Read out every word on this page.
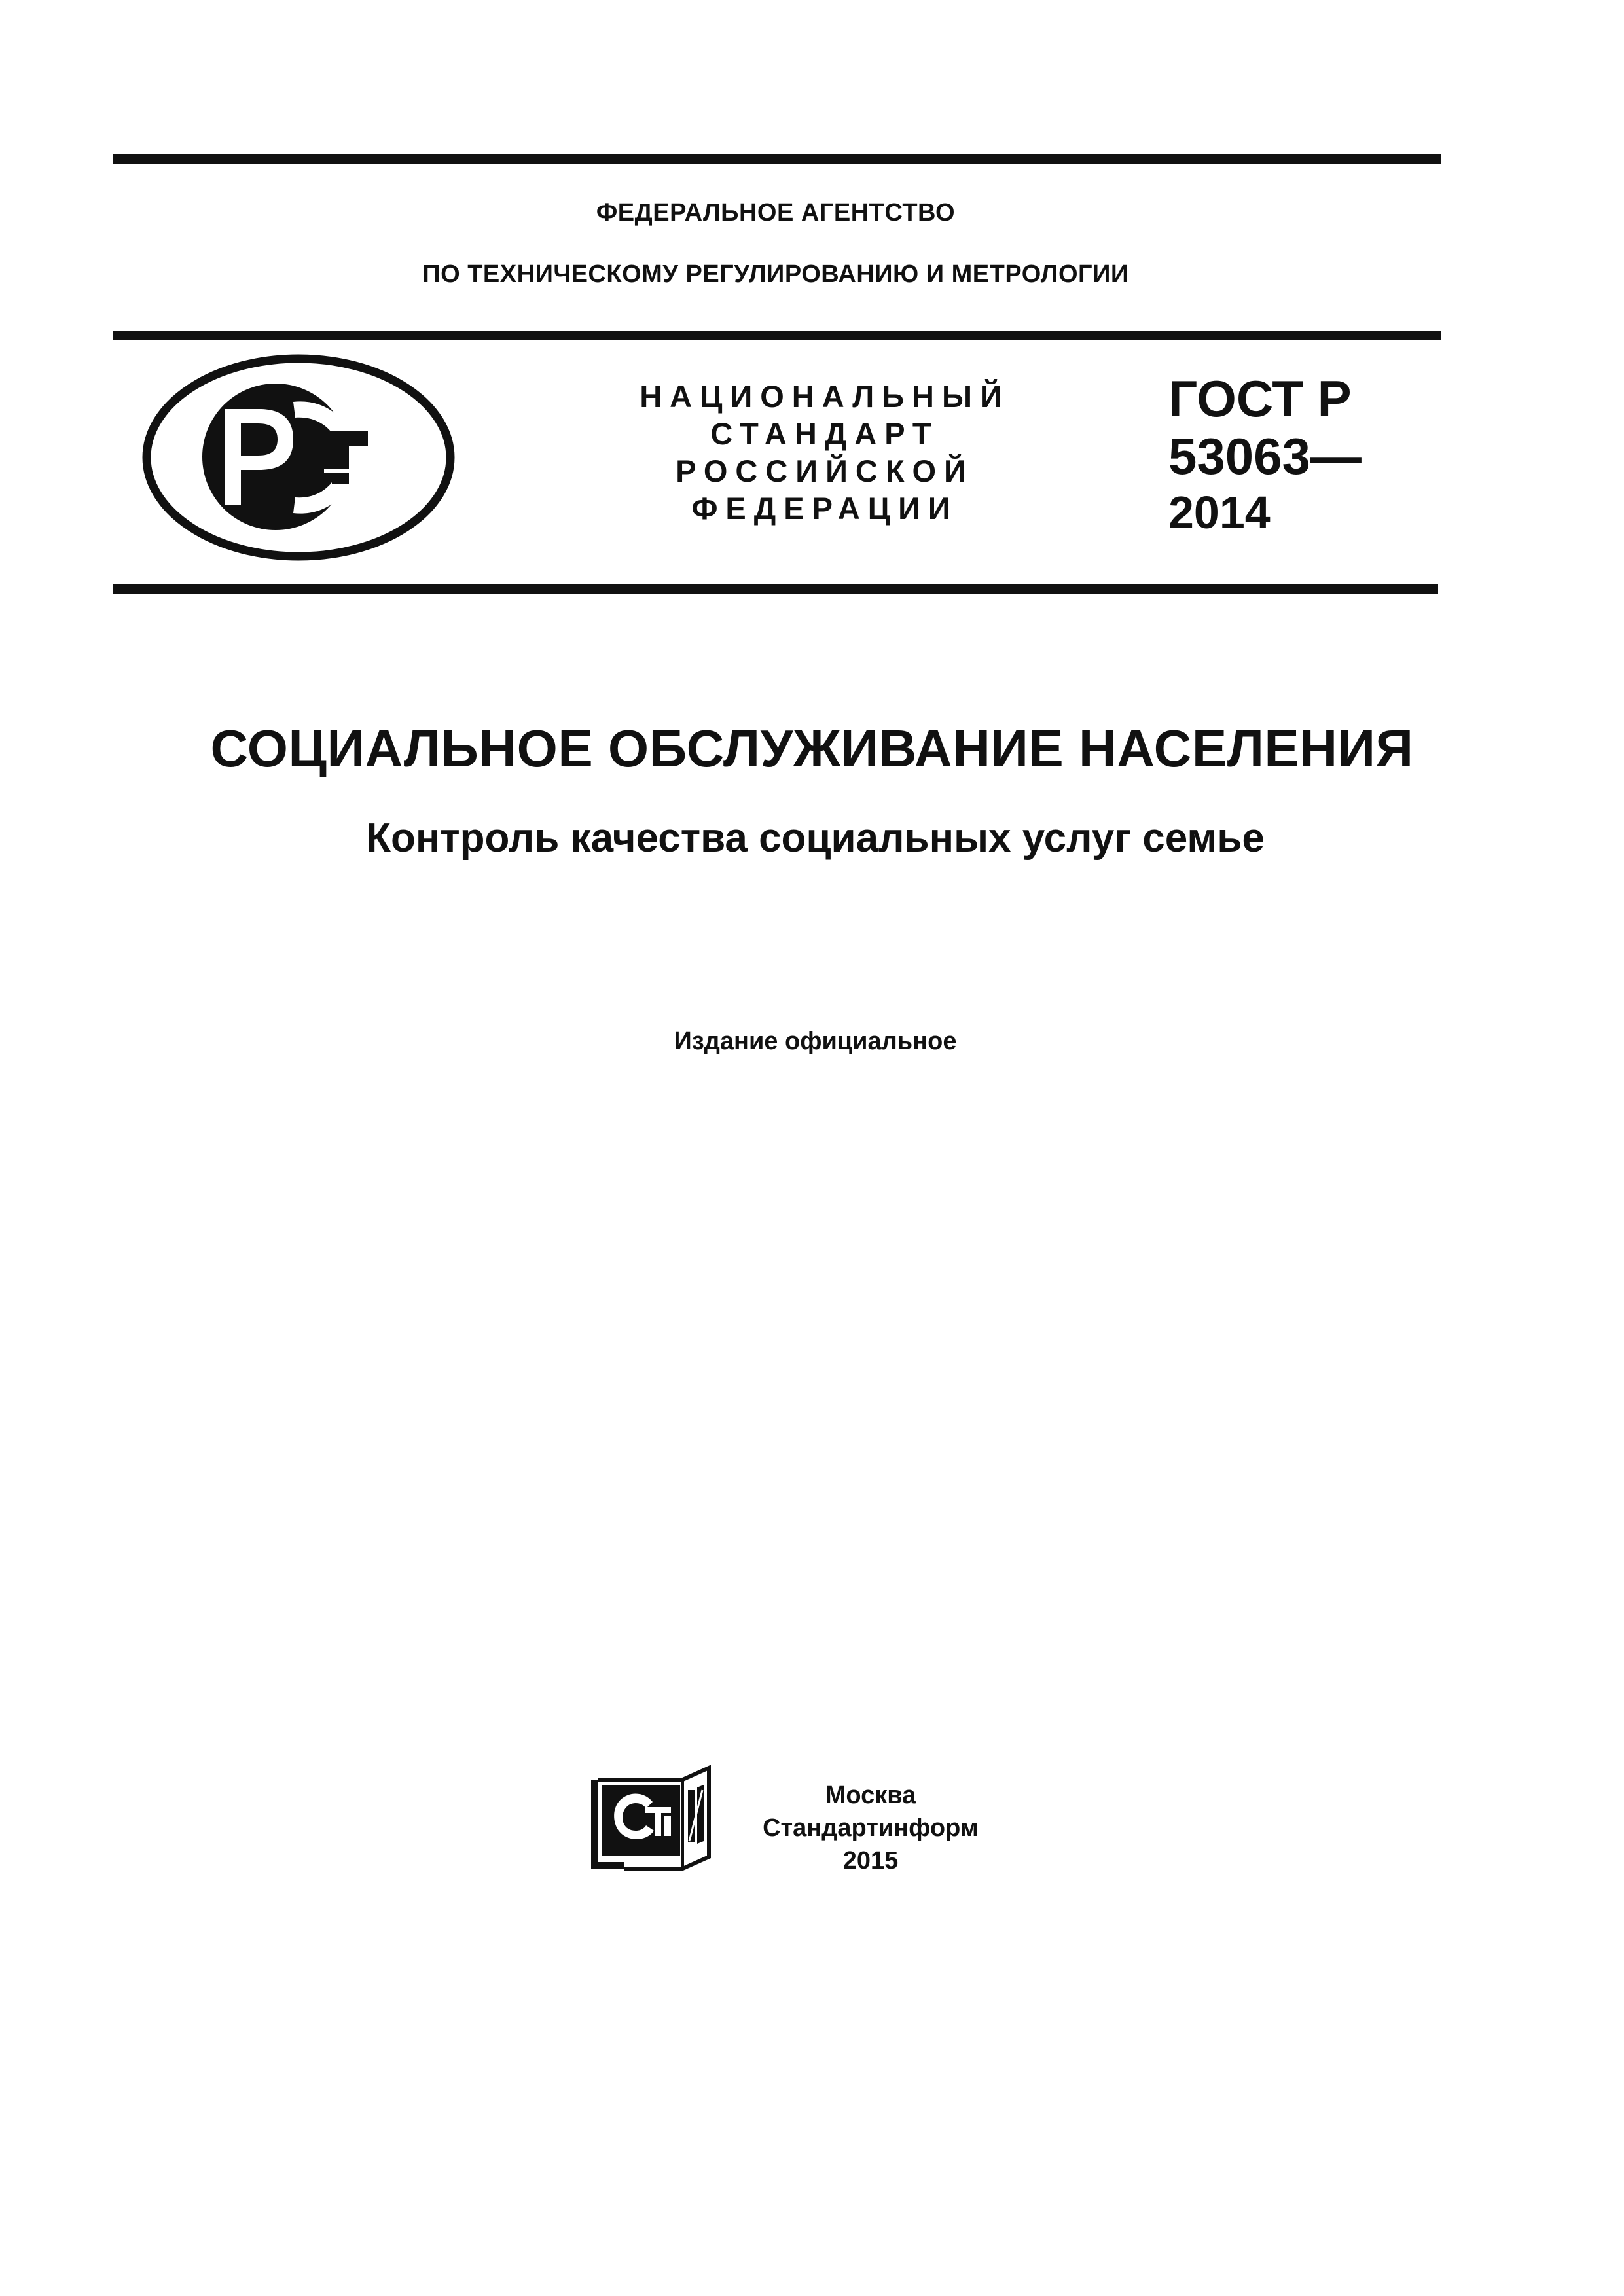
ФЕДЕРАЛЬНОЕ АГЕНТСТВО
ПО ТЕХНИЧЕСКОМУ РЕГУЛИРОВАНИЮ И МЕТРОЛОГИИ
НАЦИОНАЛЬНЫЙ
СТАНДАРТ
РОССИЙСКОЙ
ФЕДЕРАЦИИ
ГОСТ Р
53063—
2014
СОЦИАЛЬНОЕ ОБСЛУЖИВАНИЕ НАСЕЛЕНИЯ
Контроль качества социальных услуг семье
Издание официальное
Москва
Стандартинформ
2015
